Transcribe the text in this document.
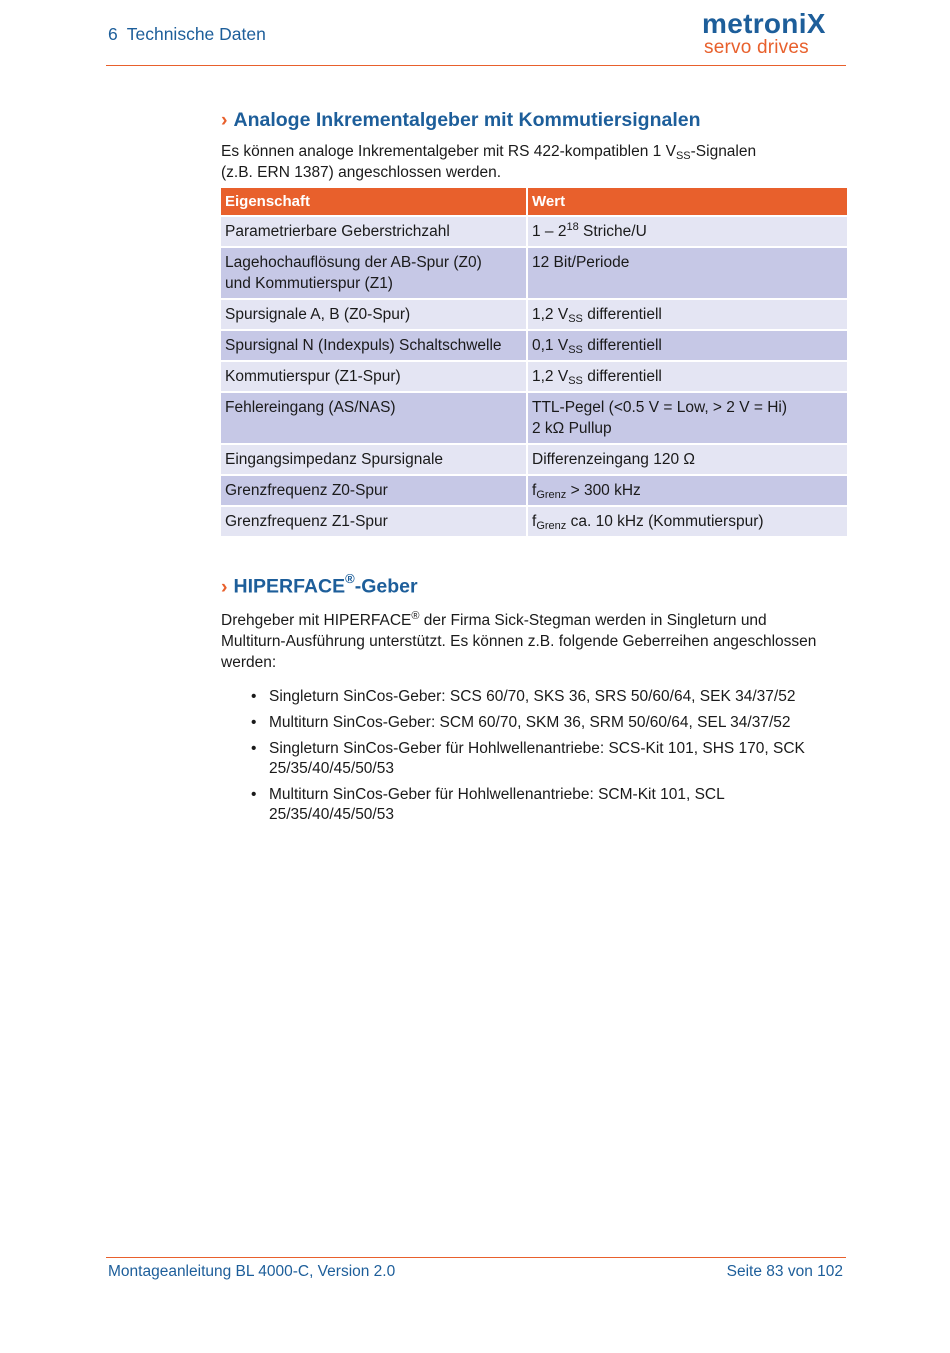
6 Technische Daten	metroniX
servo drives
› Analoge Inkrementalgeber mit Kommutiersignalen

Es können analoge Inkrementalgeber mit RS 422-kompatiblen 1 $V_{SS}$-Signalen
(z.B. ERN 1387) angeschlossen werden.

Eigenschaft	Wert
Parametrierbare Geberstrichzahl	$1 - 2^{18}$ Striche/U
Lagehochauflösung der AB-Spur (Z0)
und Kommutierspur (Z1)	12 Bit/Periode
Spursignale A, B (Z0-Spur)	1,2 $V_{SS}$ differentiell
Spursignal N (Indexpuls) Schaltschwelle	0,1 $V_{SS}$ differentiell
Kommutierspur (Z1-Spur)	1,2 $V_{SS}$ differentiell
Fehlereingang (AS/NAS)	TTL-Pegel (<0.5 V = Low, > 2 V = Hi)
2 kΩ Pullup
Eingangsimpedanz Spursignale	Differenzeingang 120 Ω
Grenzfrequenz Z0-Spur	$f_{Grenz} > 300$ kHz
Grenzfrequenz Z1-Spur	$f_{Grenz}$ ca. 10 kHz (Kommutierspur)
› HIPERFACE®-Geber

Drehgeber mit HIPERFACE® der Firma Sick-Stegman werden in Singleturn und
Multiturn-Ausführung unterstützt. Es können z.B. folgende Geberreihen angeschlossen
werden:

• Singleturn SinCos-Geber: SCS 60/70, SKS 36, SRS 50/60/64, SEK 34/37/52
• Multiturn SinCos-Geber: SCM 60/70, SKM 36, SRM 50/60/64, SEL 34/37/52
• Singleturn SinCos-Geber für Hohlwellenantriebe: SCS-Kit 101, SHS 170, SCK
25/35/40/45/50/53
• Multiturn SinCos-Geber für Hohlwellenantriebe: SCM-Kit 101, SCL
25/35/40/45/50/53
Montageanleitung BL 4000-C, Version 2.0	Seite 83 von 102
